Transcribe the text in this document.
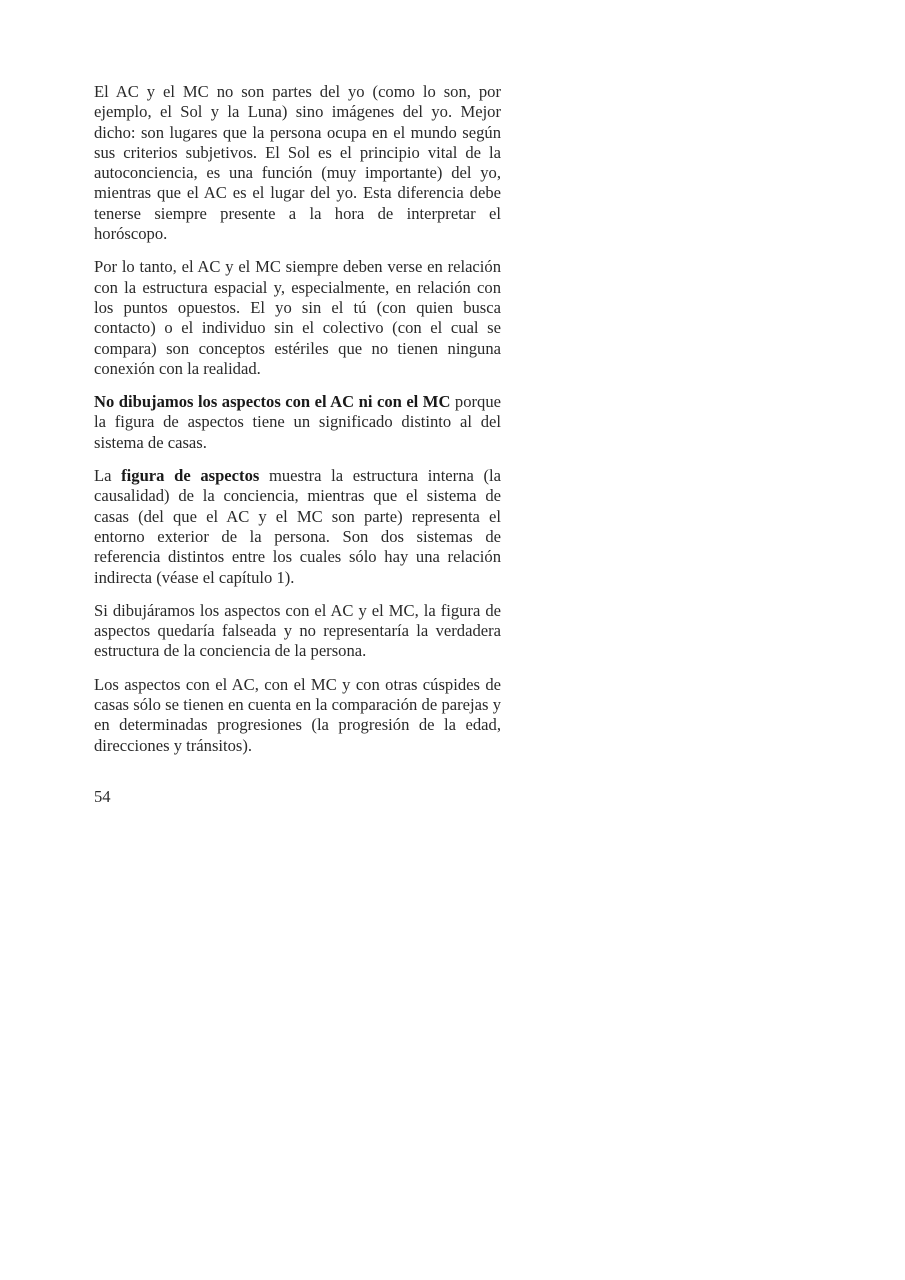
El AC y el MC no son partes del yo (como lo son, por ejemplo, el Sol y la Luna) sino imágenes del yo. Mejor dicho: son lugares que la persona ocupa en el mundo según sus criterios subjetivos. El Sol es el principio vital de la autoconciencia, es una función (muy importante) del yo, mientras que el AC es el lugar del yo. Esta diferencia debe tenerse siempre presente a la hora de interpretar el horóscopo.

Por lo tanto, el AC y el MC siempre deben verse en relación con la estructura espacial y, especialmente, en relación con los puntos opuestos. El yo sin el tú (con quien busca contacto) o el individuo sin el colectivo (con el cual se compara) son conceptos estériles que no tienen ninguna conexión con la realidad.

No dibujamos los aspectos con el AC ni con el MC porque la figura de aspectos tiene un significado distinto al del sistema de casas.

La figura de aspectos muestra la estructura interna (la causalidad) de la conciencia, mientras que el sistema de casas (del que el AC y el MC son parte) representa el entorno exterior de la persona. Son dos sistemas de referencia distintos entre los cuales sólo hay una relación indirecta (véase el capítulo 1).

Si dibujáramos los aspectos con el AC y el MC, la figura de aspectos quedaría falseada y no representaría la verdadera estructura de la conciencia de la persona.

Los aspectos con el AC, con el MC y con otras cúspides de casas sólo se tienen en cuenta en la comparación de parejas y en determinadas progresiones (la progresión de la edad, direcciones y tránsitos).

54
